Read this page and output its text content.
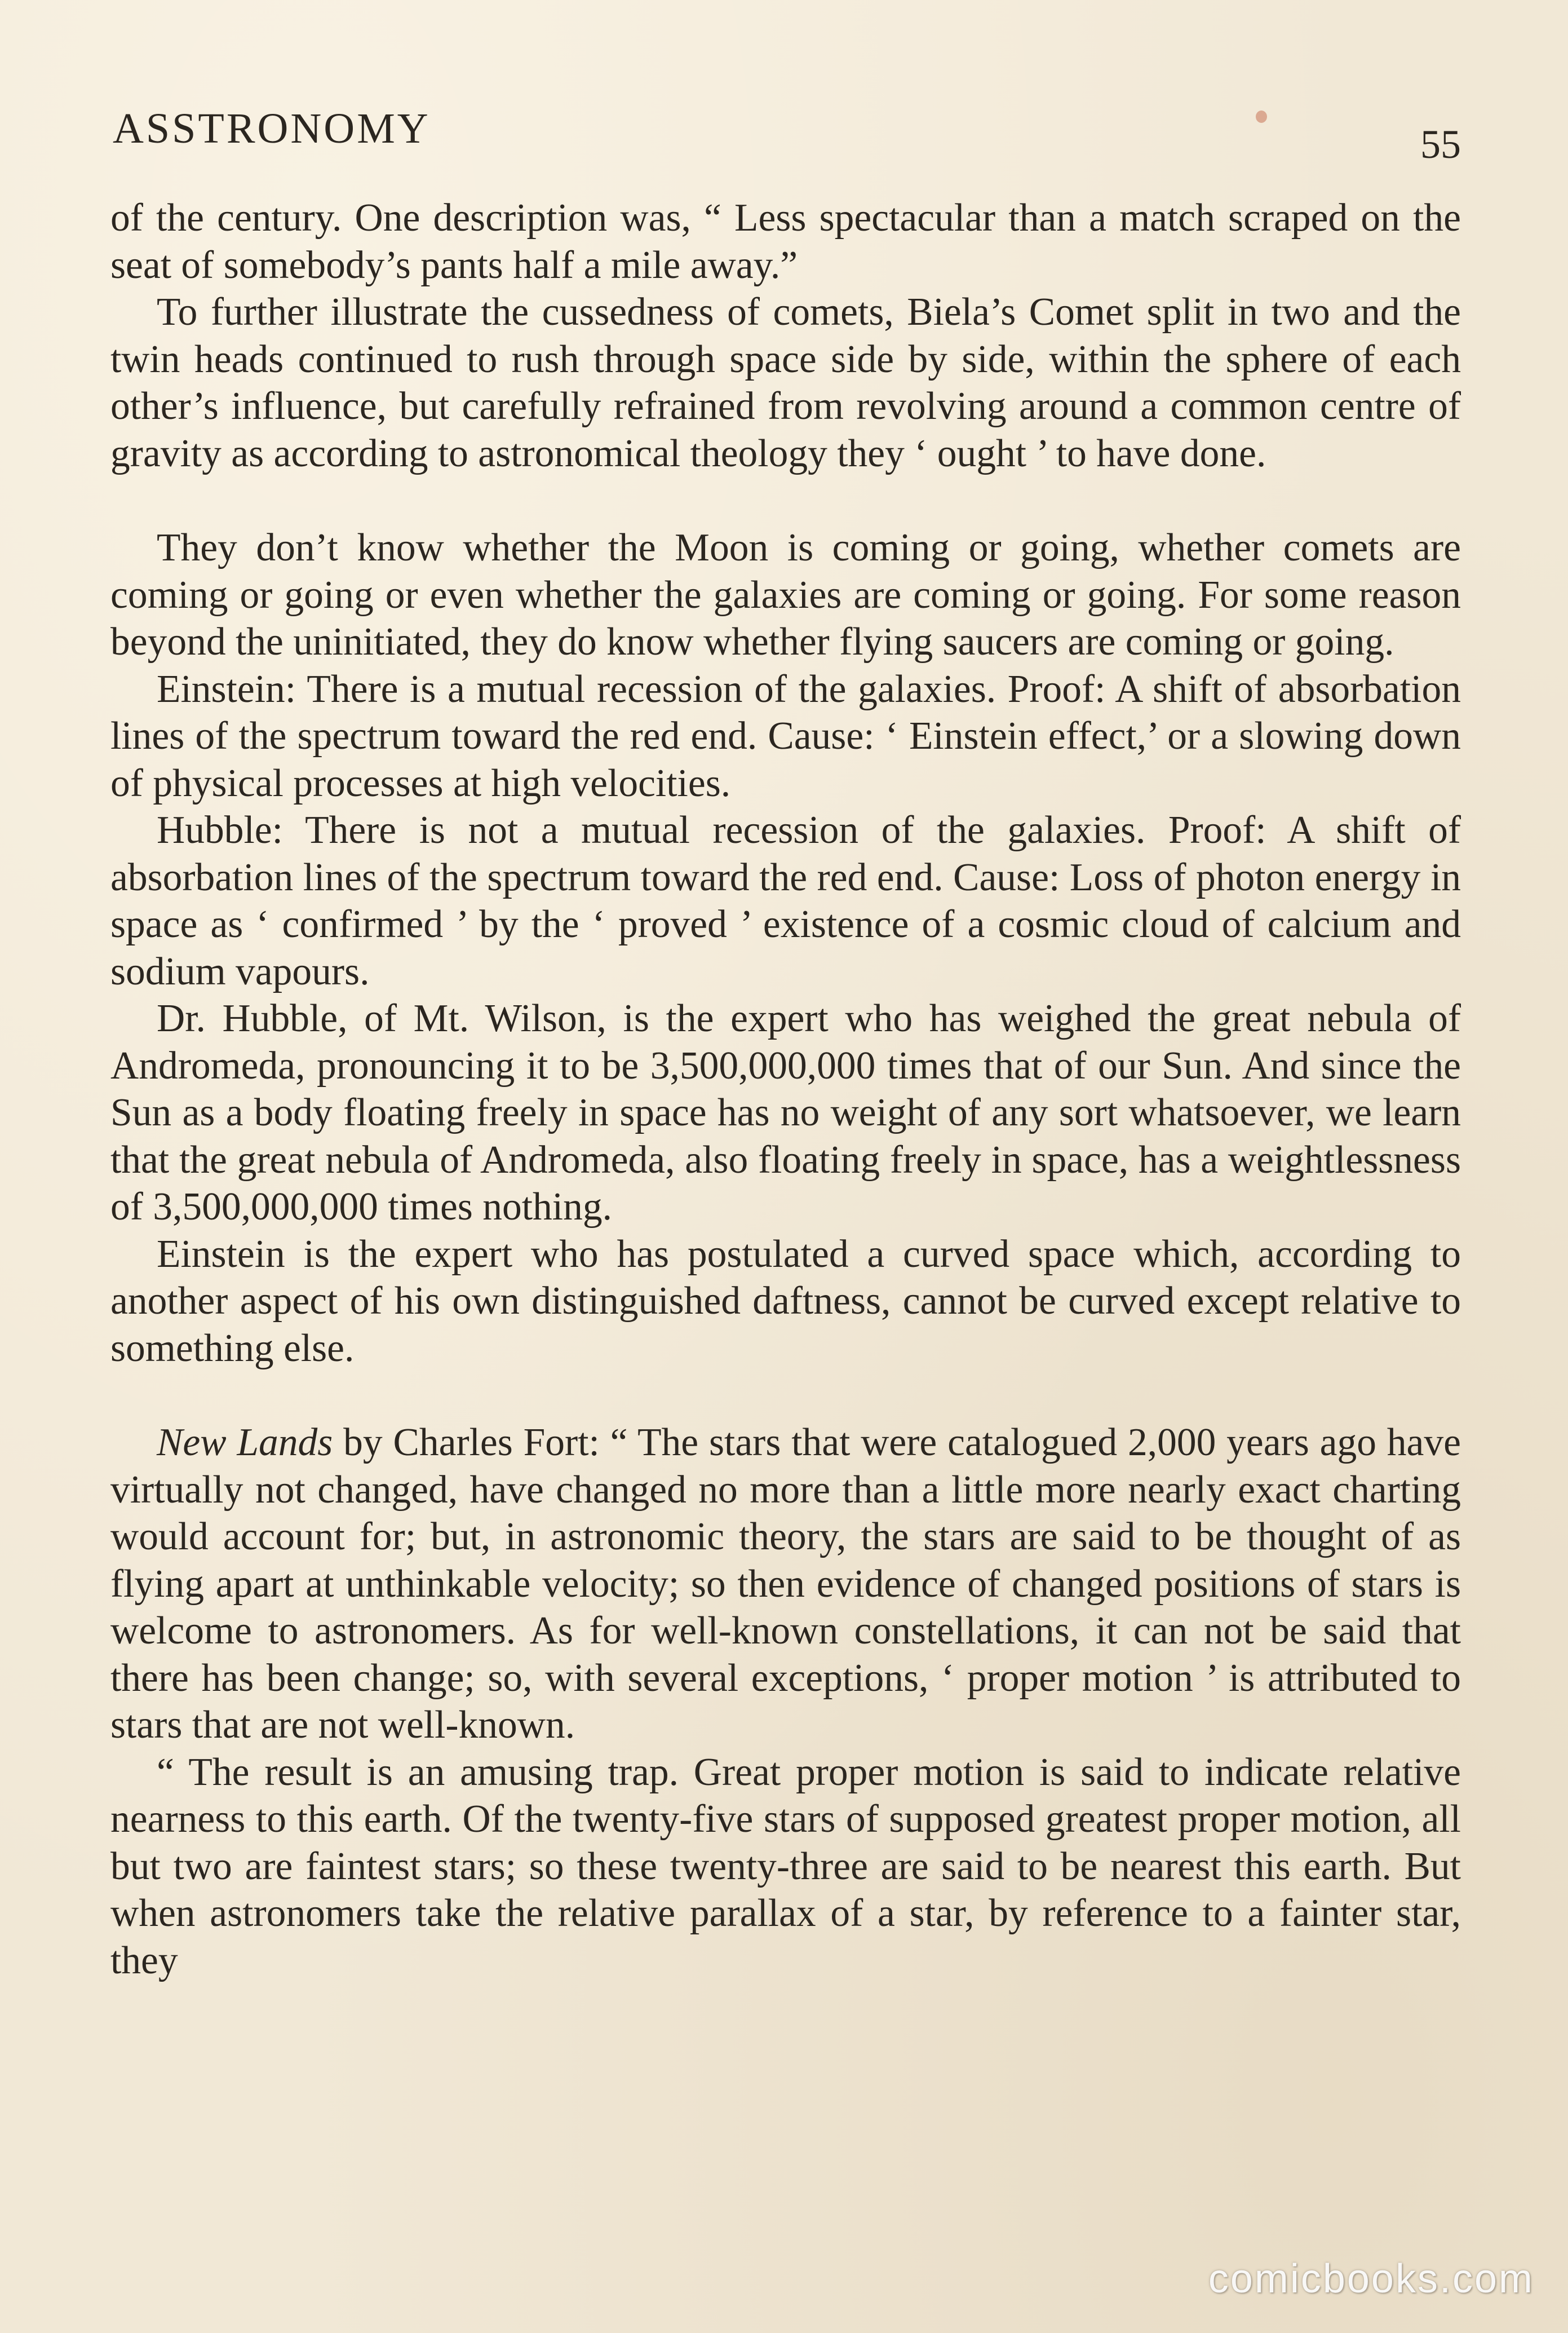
ASSTRONOMY	55

of the century. One description was, “ Less spectacular than a match scraped on the seat of somebody’s pants half a mile away.”

To further illustrate the cussedness of comets, Biela’s Comet split in two and the twin heads continued to rush through space side by side, within the sphere of each other’s influence, but carefully refrained from revolving around a common centre of gravity as according to astronomical theology they ‘ ought ’ to have done.

They don’t know whether the Moon is coming or going, whether comets are coming or going or even whether the galaxies are coming or going. For some reason beyond the uninitiated, they do know whether flying saucers are coming or going.

Einstein: There is a mutual recession of the galaxies. Proof: A shift of absorbation lines of the spectrum toward the red end. Cause: ‘ Einstein effect,’ or a slowing down of physical processes at high velocities.

Hubble: There is not a mutual recession of the galaxies. Proof: A shift of absorbation lines of the spectrum toward the red end. Cause: Loss of photon energy in space as ‘ confirmed ’ by the ‘ proved ’ existence of a cosmic cloud of calcium and sodium vapours.

Dr. Hubble, of Mt. Wilson, is the expert who has weighed the great nebula of Andromeda, pronouncing it to be 3,500,000,000 times that of our Sun. And since the Sun as a body floating freely in space has no weight of any sort whatsoever, we learn that the great nebula of Andromeda, also floating freely in space, has a weightlessness of 3,500,000,000 times nothing.

Einstein is the expert who has postulated a curved space which, according to another aspect of his own distinguished daftness, cannot be curved except relative to something else.

New Lands by Charles Fort: “ The stars that were catalogued 2,000 years ago have virtually not changed, have changed no more than a little more nearly exact charting would account for; but, in astronomic theory, the stars are said to be thought of as flying apart at unthinkable velocity; so then evidence of changed positions of stars is welcome to astronomers. As for well-known constellations, it can not be said that there has been change; so, with several exceptions, ‘ proper motion ’ is attributed to stars that are not well-known.

“ The result is an amusing trap. Great proper motion is said to indicate relative nearness to this earth. Of the twenty-five stars of supposed greatest proper motion, all but two are faintest stars; so these twenty-three are said to be nearest this earth. But when astronomers take the relative parallax of a star, by reference to a fainter star, they

comicbooks.com
